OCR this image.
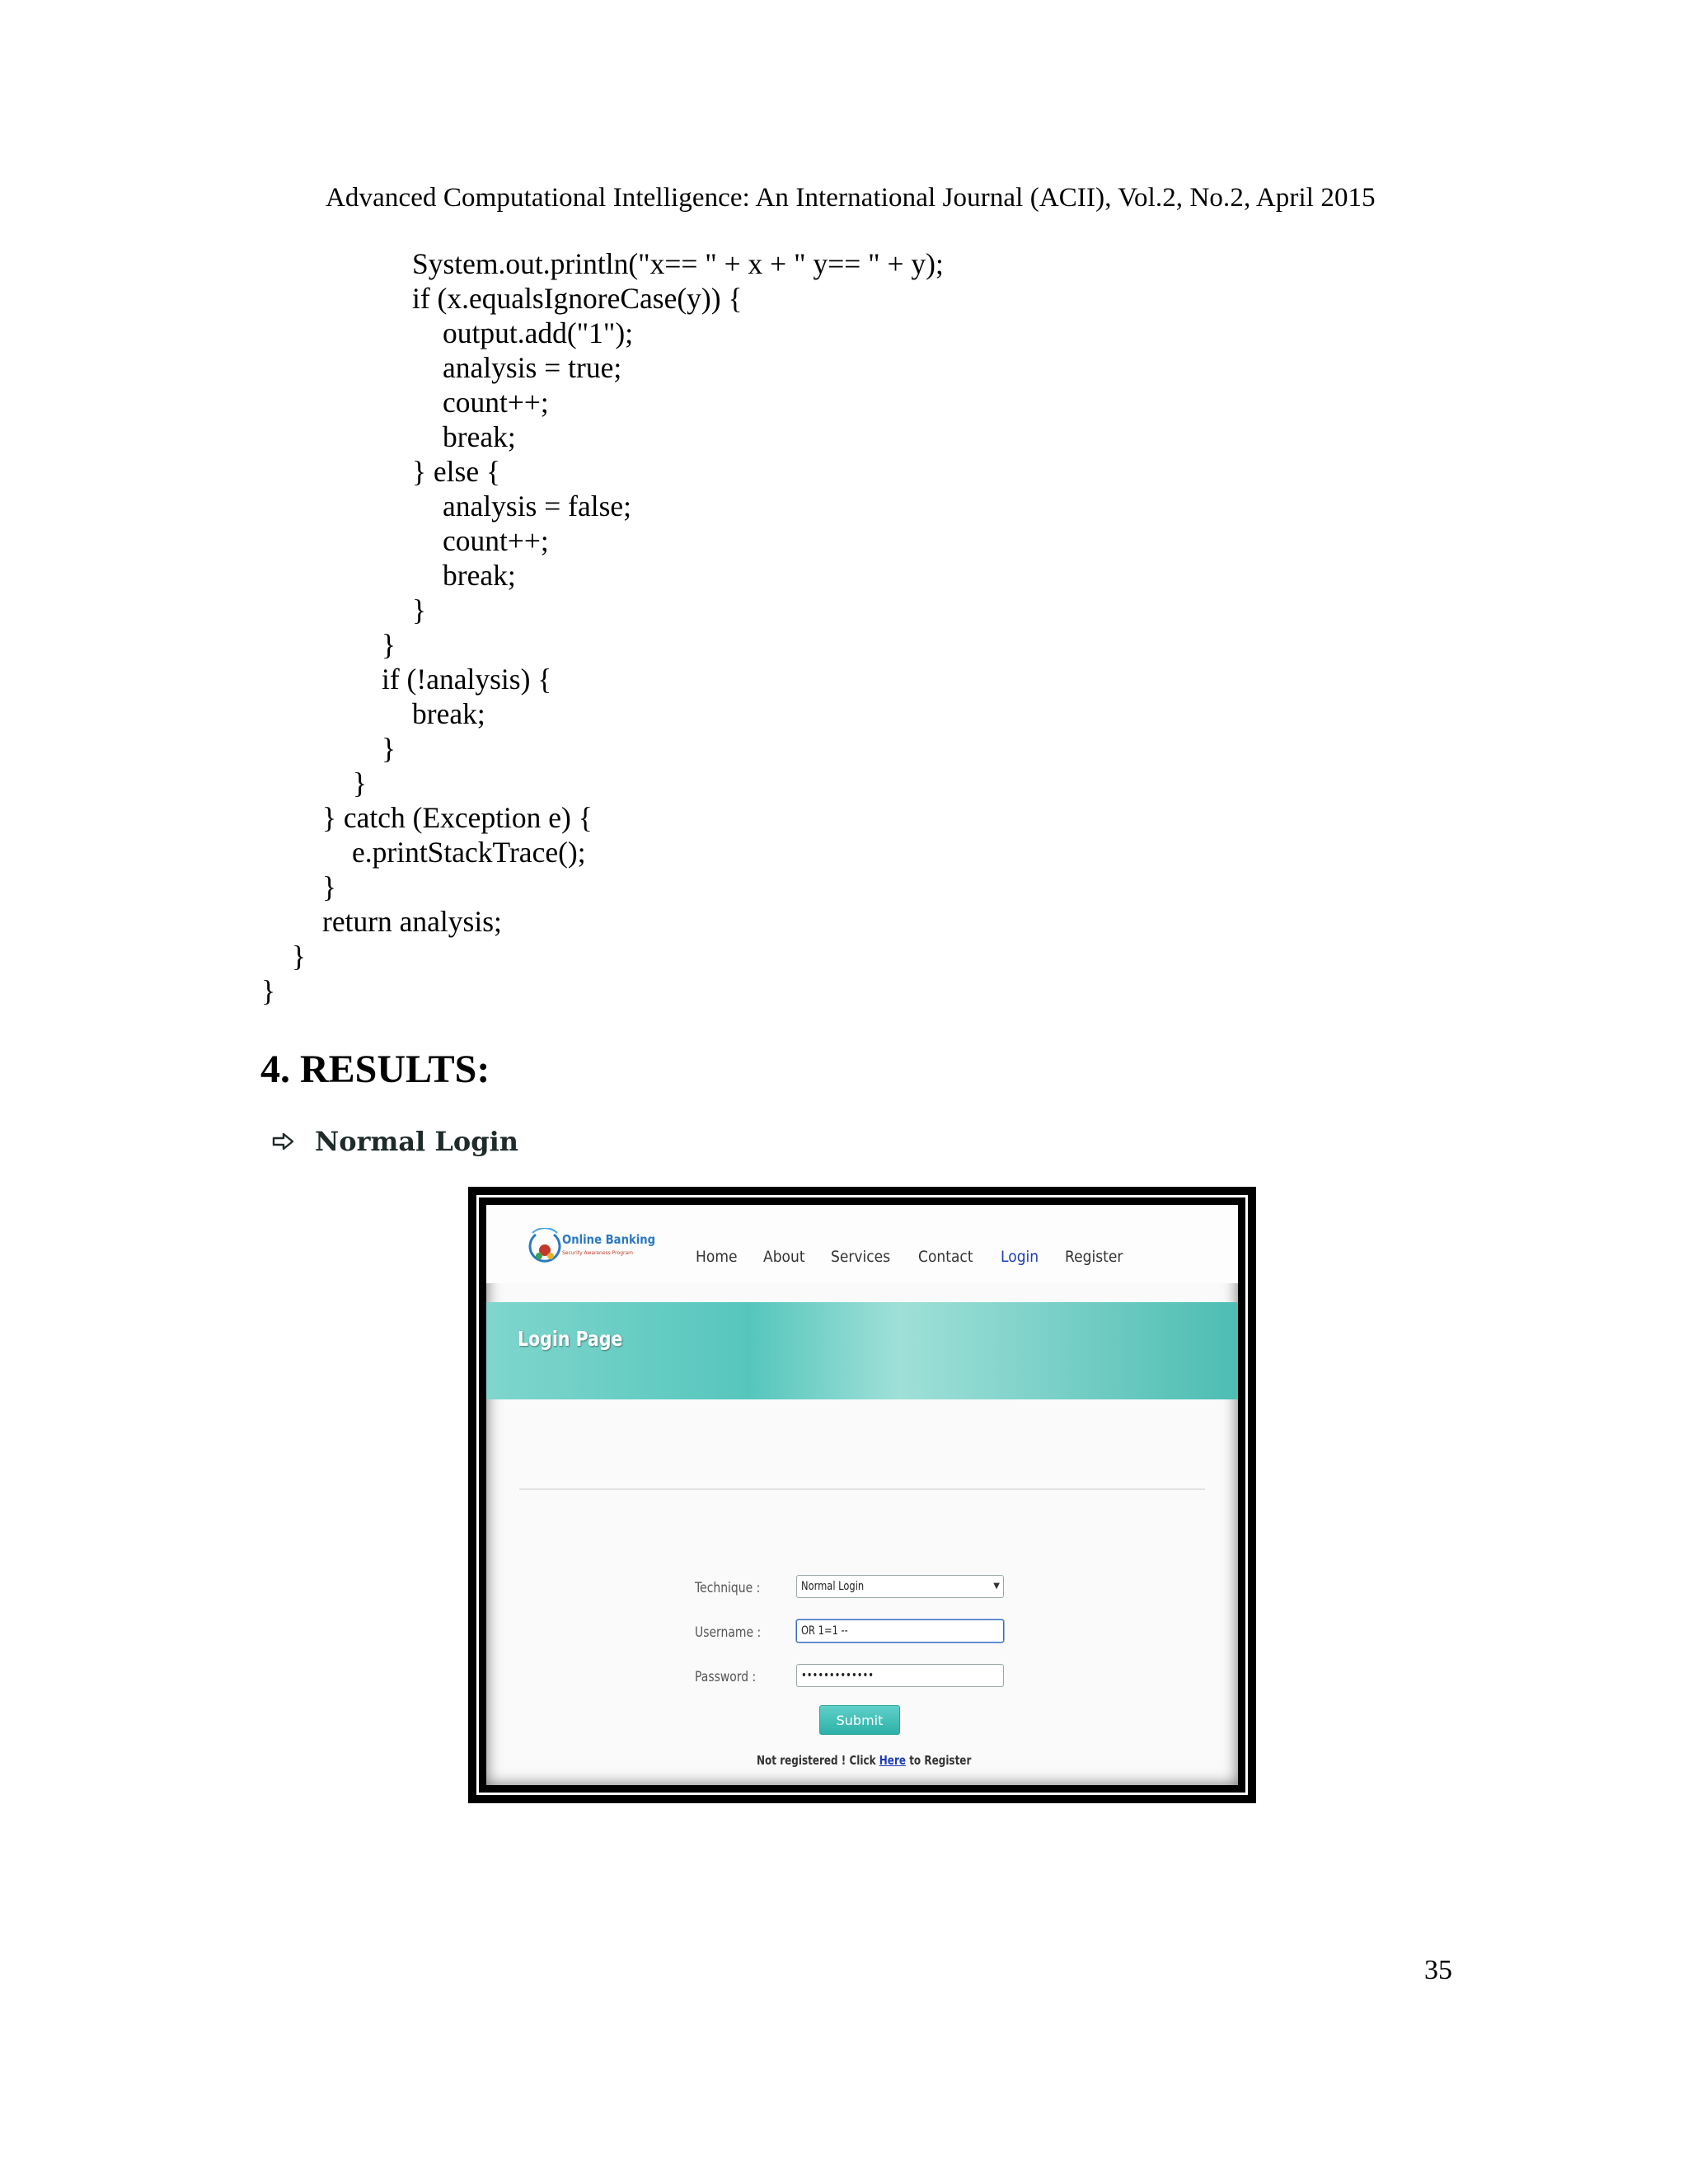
Advanced Computational Intelligence: An International Journal (ACII), Vol.2, No.2, April 2015
System.out.println("x== " + x + " y== " + y);
if (x.equalsIgnoreCase(y)) {
output.add("1");
analysis = true;
count++;
break;
} else {
analysis = false;
count++;
break;
}
}
if (!analysis) {
break;
}
}
} catch (Exception e) {
e.printStackTrace();
}
return analysis;
}
}
4. RESULTS:
Normal Login
Online Banking
Security Awareness Program	Home About Services Contact Login Register
Login Page
Technique :	Normal Login	▼
Username :	OR 1=1 --
Password :	•••••••••••••
Submit
Not registered ! Click Here to Register
35
